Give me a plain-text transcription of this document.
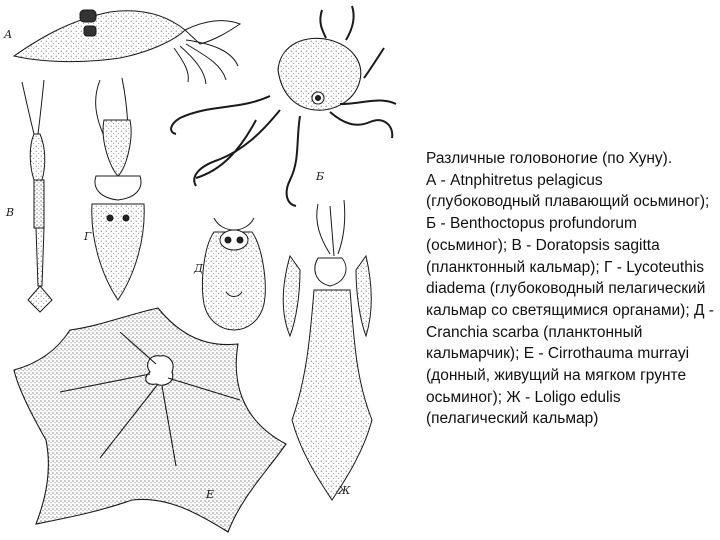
А
Б
В
Г
Д
Е	Ж
Различные головоногие (по Хуну).
А - Atnphitretus pelagicus (глубоководный плавающий осьминог); Б - Benthoctopus profundorum (осьминог); В - Doratopsis sagitta (планктонный кальмар); Г - Lycoteuthis diadema (глубоководный пелагический кальмар со светящимися органами); Д - Cranchia scarba (планктонный кальмарчик); Е - Cirrothauma murrayi (донный, живущий на мягком грунте осьминог); Ж - Loligo edulis (пелагический кальмар)
